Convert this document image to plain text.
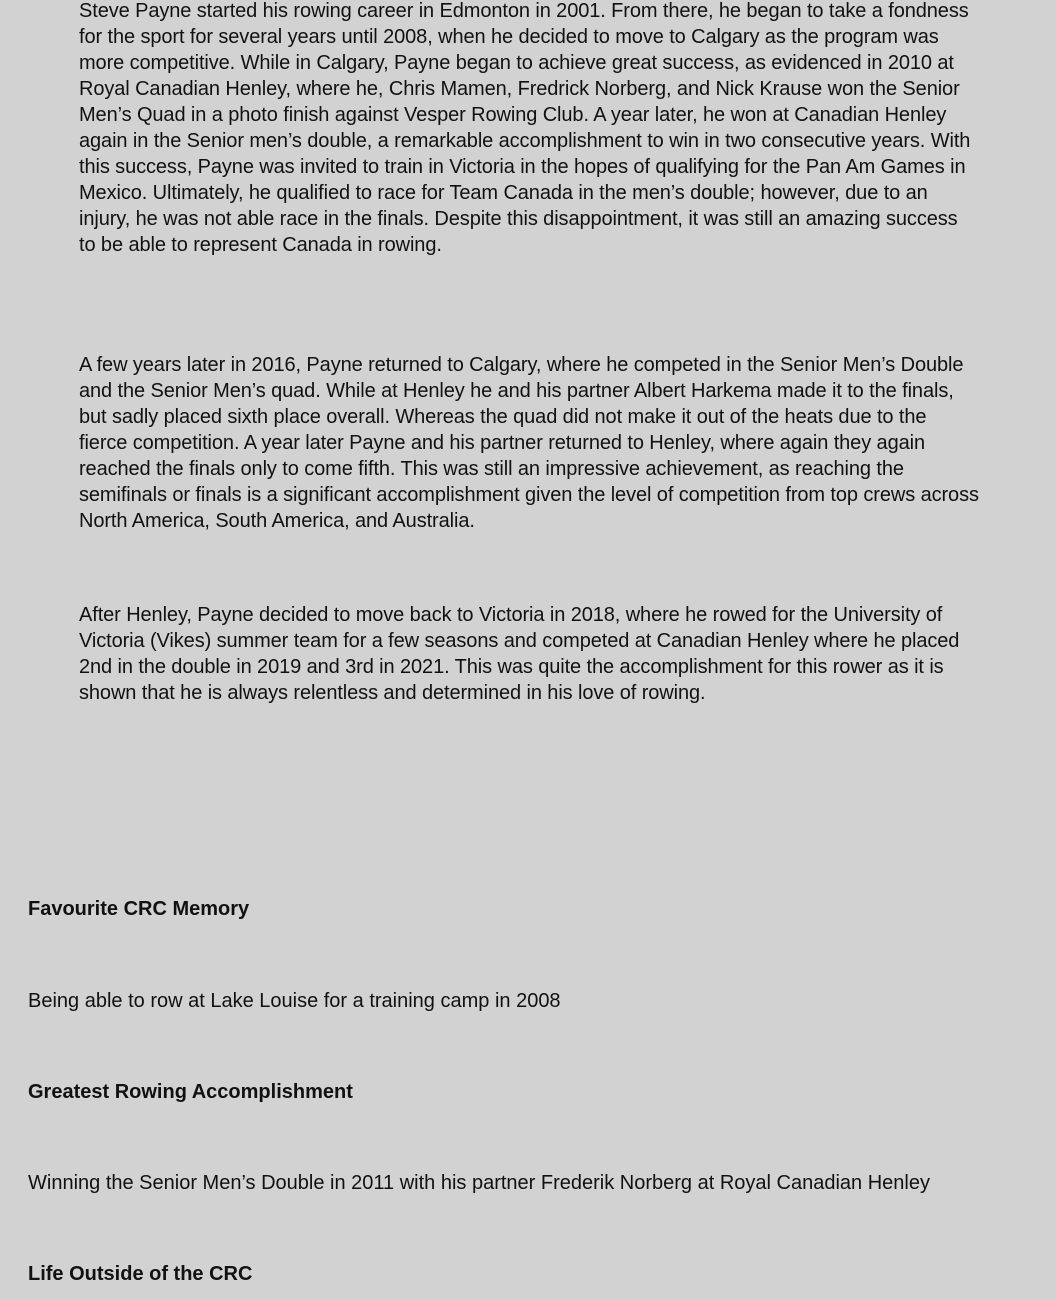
Steve Payne started his rowing career in Edmonton in 2001. From there, he began to take a fondness for the sport for several years until 2008, when he decided to move to Calgary as the program was more competitive. While in Calgary, Payne began to achieve great success, as evidenced in 2010 at Royal Canadian Henley, where he, Chris Mamen, Fredrick Norberg, and Nick Krause won the Senior Men’s Quad in a photo finish against Vesper Rowing Club. A year later, he won at Canadian Henley again in the Senior men’s double, a remarkable accomplishment to win in two consecutive years. With this success, Payne was invited to train in Victoria in the hopes of qualifying for the Pan Am Games in Mexico. Ultimately, he qualified to race for Team Canada in the men’s double; however, due to an injury, he was not able race in the finals. Despite this disappointment, it was still an amazing success to be able to represent Canada in rowing.

A few years later in 2016, Payne returned to Calgary, where he competed in the Senior Men’s Double and the Senior Men’s quad. While at Henley he and his partner Albert Harkema made it to the finals, but sadly placed sixth place overall. Whereas the quad did not make it out of the heats due to the fierce competition. A year later Payne and his partner returned to Henley, where again they again reached the finals only to come fifth. This was still an impressive achievement, as reaching the semifinals or finals is a significant accomplishment given the level of competition from top crews across North America, South America, and Australia.

After Henley, Payne decided to move back to Victoria in 2018, where he rowed for the University of Victoria (Vikes) summer team for a few seasons and competed at Canadian Henley where he placed 2nd in the double in 2019 and 3rd in 2021. This was quite the accomplishment for this rower as it is shown that he is always relentless and determined in his love of rowing.

Favourite CRC Memory

Being able to row at Lake Louise for a training camp in 2008

Greatest Rowing Accomplishment

Winning the Senior Men’s Double in 2011 with his partner Frederik Norberg at Royal Canadian Henley

Life Outside of the CRC
